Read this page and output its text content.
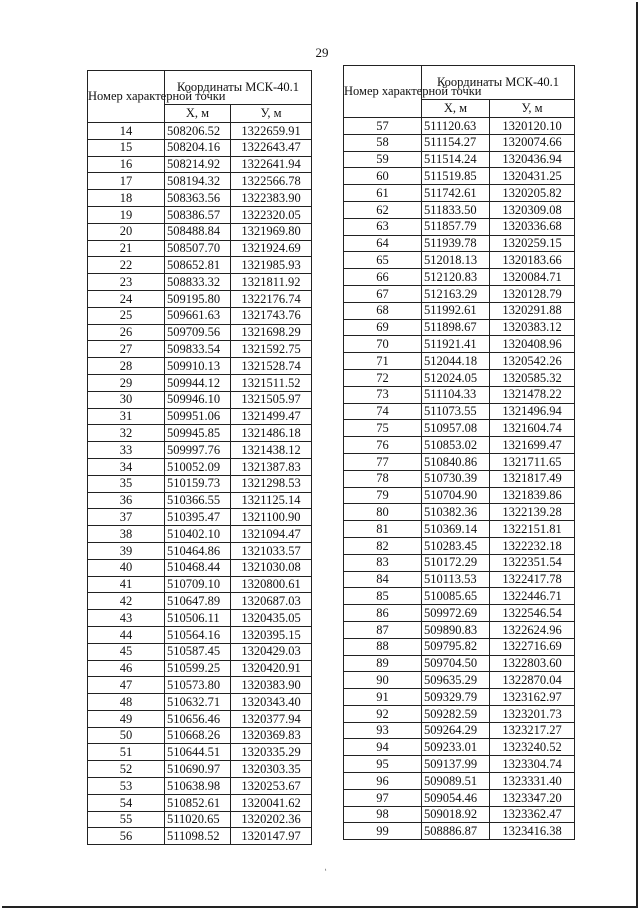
29
Номер характерной точки	Координаты МСК-40.1	
	Х, м	У, м
14	508206.52	1322659.91
15	508204.16	1322643.47
16	508214.92	1322641.94
17	508194.32	1322566.78
18	508363.56	1322383.90
19	508386.57	1322320.05
20	508488.84	1321969.80
21	508507.70	1321924.69
22	508652.81	1321985.93
23	508833.32	1321811.92
24	509195.80	1322176.74
25	509661.63	1321743.76
26	509709.56	1321698.29
27	509833.54	1321592.75
28	509910.13	1321528.74
29	509944.12	1321511.52
30	509946.10	1321505.97
31	509951.06	1321499.47
32	509945.85	1321486.18
33	509997.76	1321438.12
34	510052.09	1321387.83
35	510159.73	1321298.53
36	510366.55	1321125.14
37	510395.47	1321100.90
38	510402.10	1321094.47
39	510464.86	1321033.57
40	510468.44	1321030.08
41	510709.10	1320800.61
42	510647.89	1320687.03
43	510506.11	1320435.05
44	510564.16	1320395.15
45	510587.45	1320429.03
46	510599.25	1320420.91
47	510573.80	1320383.90
48	510632.71	1320343.40
49	510656.46	1320377.94
50	510668.26	1320369.83
51	510644.51	1320335.29
52	510690.97	1320303.35
53	510638.98	1320253.67
54	510852.61	1320041.62
55	511020.65	1320202.36
56	511098.52	1320147.97
Номер характерной точки	Координаты МСК-40.1	
	Х, м	У, м
57	511120.63	1320120.10
58	511154.27	1320074.66
59	511514.24	1320436.94
60	511519.85	1320431.25
61	511742.61	1320205.82
62	511833.50	1320309.08
63	511857.79	1320336.68
64	511939.78	1320259.15
65	512018.13	1320183.66
66	512120.83	1320084.71
67	512163.29	1320128.79
68	511992.61	1320291.88
69	511898.67	1320383.12
70	511921.41	1320408.96
71	512044.18	1320542.26
72	512024.05	1320585.32
73	511104.33	1321478.22
74	511073.55	1321496.94
75	510957.08	1321604.74
76	510853.02	1321699.47
77	510840.86	1321711.65
78	510730.39	1321817.49
79	510704.90	1321839.86
80	510382.36	1322139.28
81	510369.14	1322151.81
82	510283.45	1322232.18
83	510172.29	1322351.54
84	510113.53	1322417.78
85	510085.65	1322446.71
86	509972.69	1322546.54
87	509890.83	1322624.96
88	509795.82	1322716.69
89	509704.50	1322803.60
90	509635.29	1322870.04
91	509329.79	1323162.97
92	509282.59	1323201.73
93	509264.29	1323217.27
94	509233.01	1323240.52
95	509137.99	1323304.74
96	509089.51	1323331.40
97	509054.46	1323347.20
98	509018.92	1323362.47
99	508886.87	1323416.38
ͺ
